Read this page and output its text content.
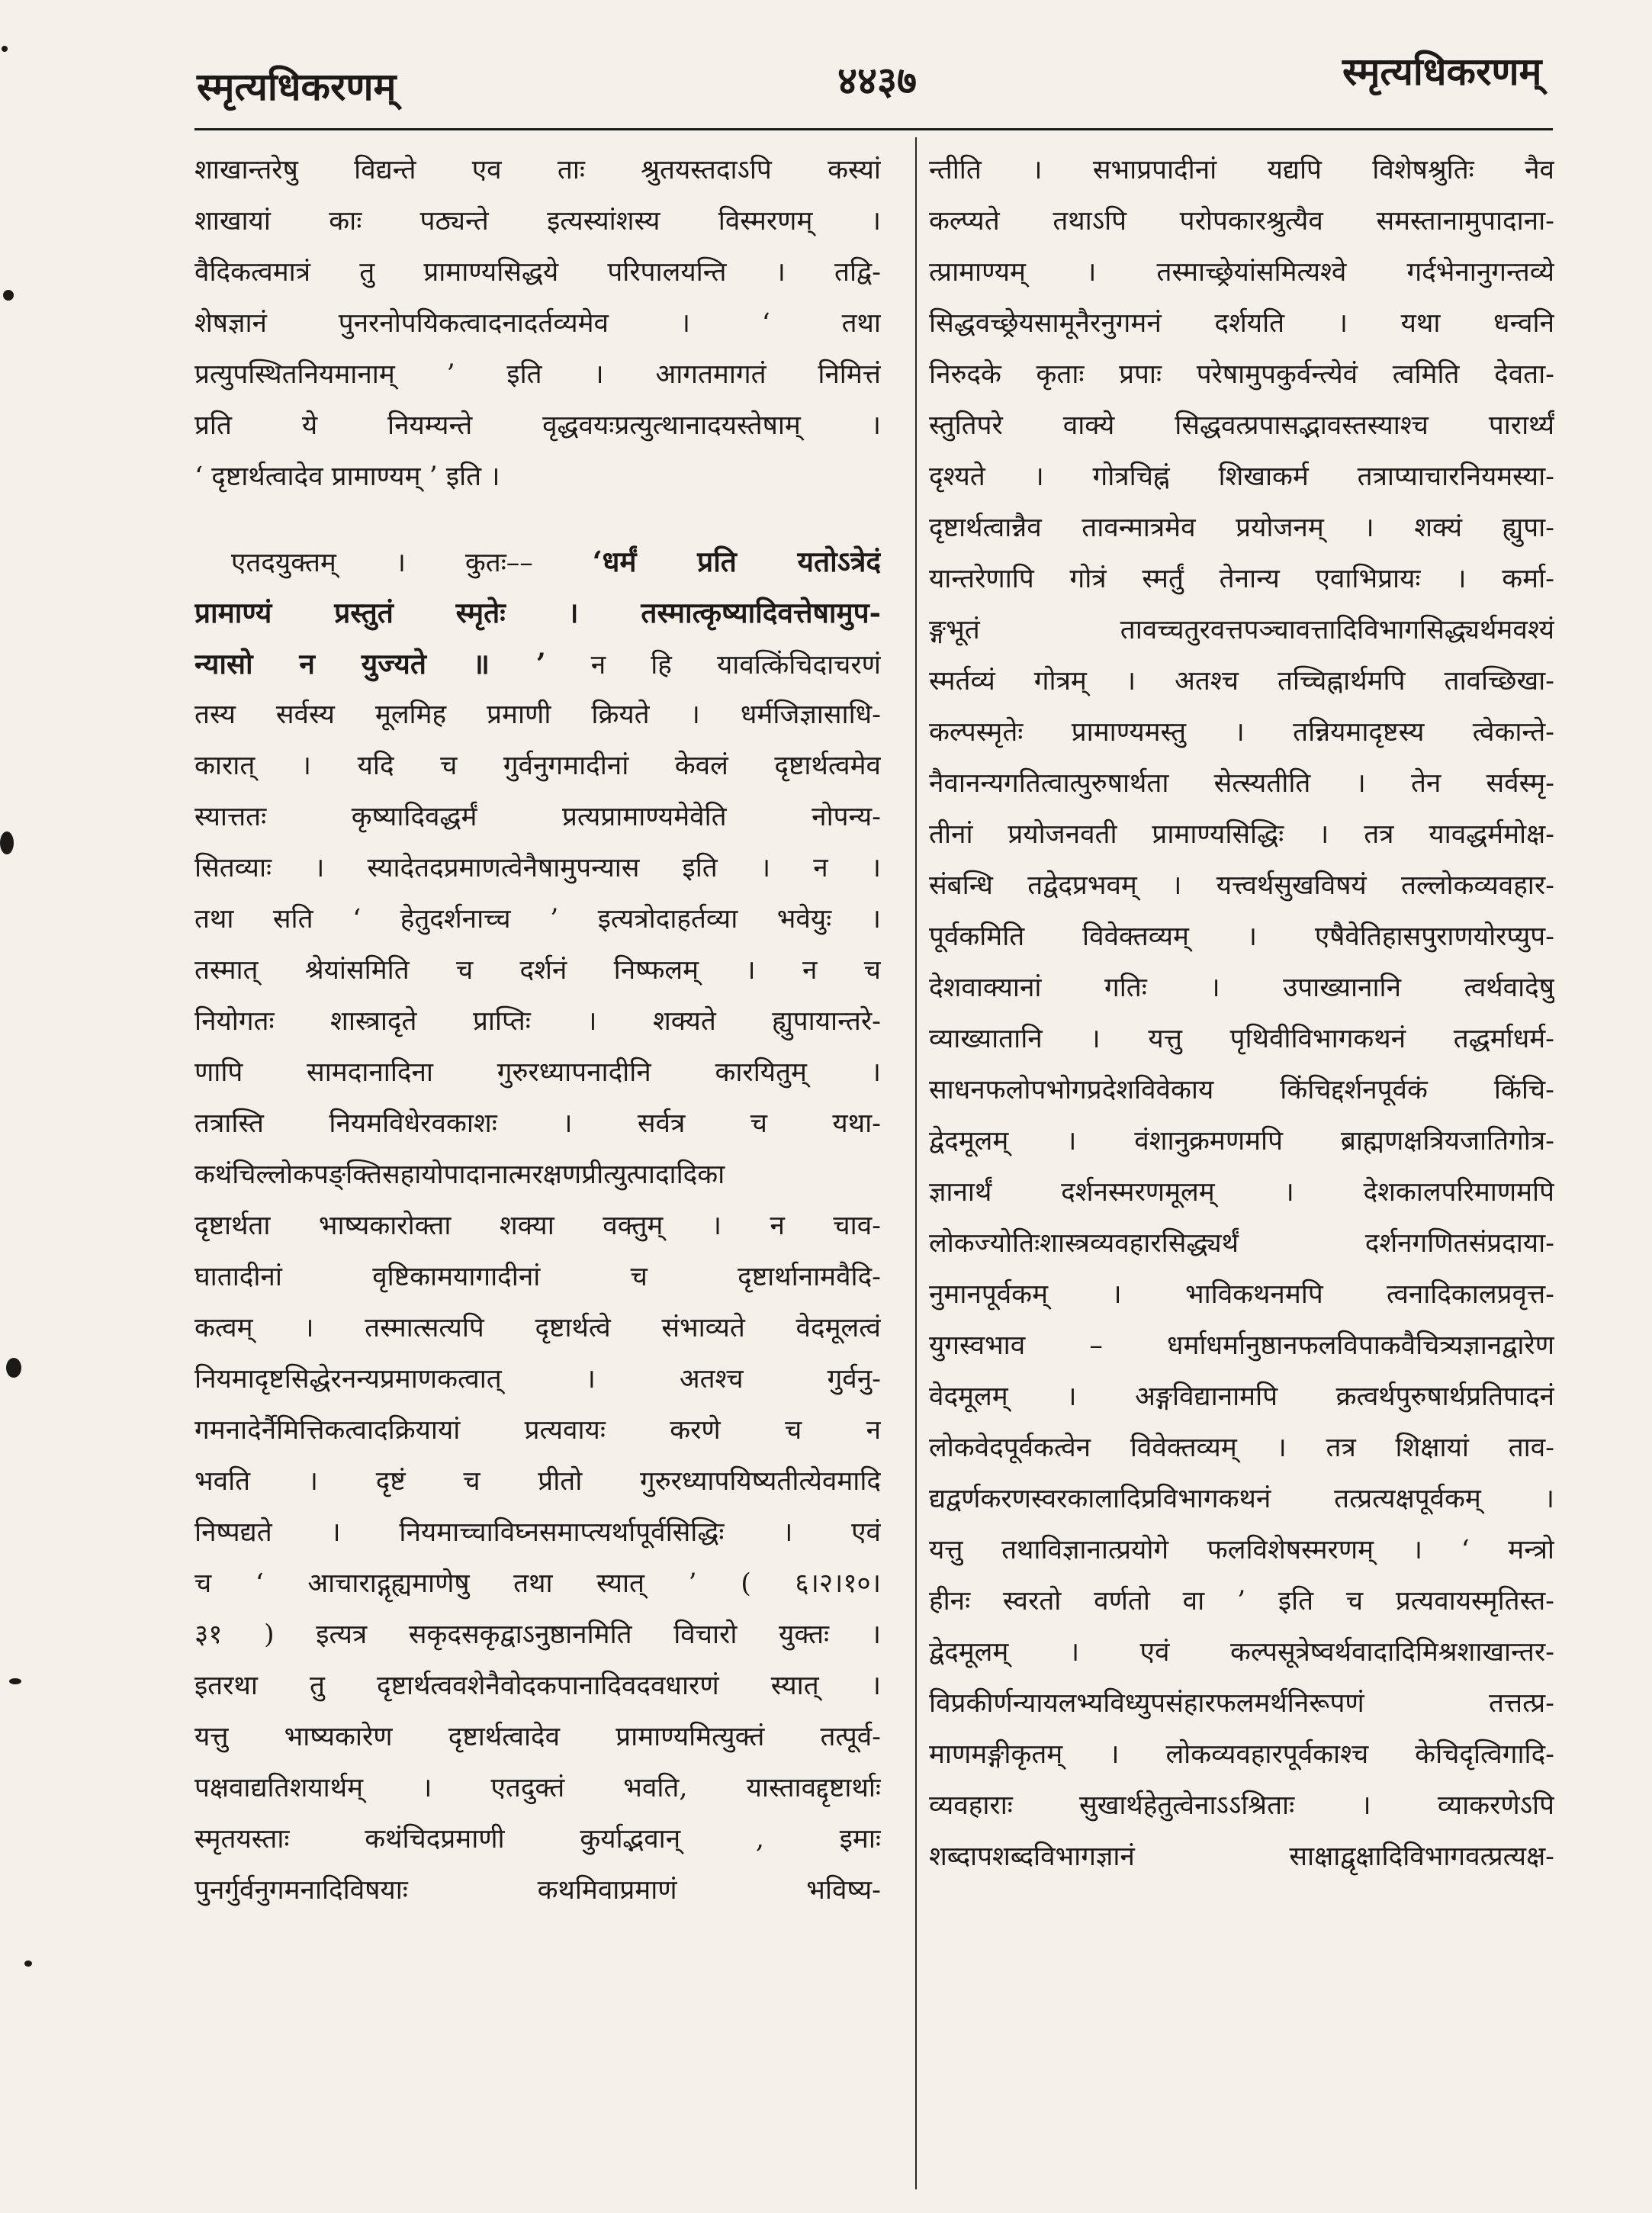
स्मृत्यधिकरणम्	४४३७	स्मृत्यधिकरणम्
शाखान्तरेषु विद्यन्ते एव ताः श्रुतयस्तदाऽपि कस्यां
शाखायां काः पठ्यन्ते इत्यस्यांशस्य विस्मरणम् ।
वैदिकत्वमात्रं तु प्रामाण्यसिद्धये परिपालयन्ति । तद्वि-
शेषज्ञानं पुनरनोपयिकत्वादनादर्तव्यमेव । ‘ तथा
प्रत्युपस्थितनियमानाम् ’ इति । आगतमागतं निमित्तं
प्रति ये नियम्यन्ते वृद्धवयःप्रत्युत्थानादयस्तेषाम् ।
‘ दृष्टार्थत्वादेव प्रामाण्यम् ’ इति ।
एतदयुक्तम् । कुतः–– ‘धर्मं प्रति यतोऽत्रेदं
प्रामाण्यं प्रस्तुतं स्मृतेः । तस्मात्कृष्यादिवत्तेषामुप-
न्यासो न युज्यते ॥ ’ न हि यावत्किंचिदाचरणं
तस्य सर्वस्य मूलमिह प्रमाणी क्रियते । धर्मजिज्ञासाधि-
कारात् । यदि च गुर्वनुगमादीनां केवलं दृष्टार्थत्वमेव
स्यात्ततः कृष्यादिवद्धर्मं प्रत्यप्रामाण्यमेवेति नोपन्य-
सितव्याः । स्यादेतदप्रमाणत्वेनैषामुपन्यास इति । न ।
तथा सति ‘ हेतुदर्शनाच्च ’ इत्यत्रोदाहर्तव्या भवेयुः ।
तस्मात् श्रेयांसमिति च दर्शनं निष्फलम् । न च
नियोगतः शास्त्रादृते प्राप्तिः । शक्यते ह्युपायान्तरे-
णापि सामदानादिना गुरुरध्यापनादीनि कारयितुम् ।
तत्रास्ति नियमविधेरवकाशः । सर्वत्र च यथा-
कथंचिल्लोकपङ्क्तिसहायोपादानात्मरक्षणप्रीत्युत्पादादिका
दृष्टार्थता भाष्यकारोक्ता शक्या वक्तुम् । न चाव-
घातादीनां वृष्टिकामयागादीनां च दृष्टार्थानामवैदि-
कत्वम् । तस्मात्सत्यपि दृष्टार्थत्वे संभाव्यते वेदमूलत्वं
नियमादृष्टसिद्धेरनन्यप्रमाणकत्वात् । अतश्च गुर्वनु-
गमनादेर्नैमित्तिकत्वादक्रियायां प्रत्यवायः करणे च न
भवति । दृष्टं च प्रीतो गुरुरध्यापयिष्यतीत्येवमादि
निष्पद्यते । नियमाच्चाविघ्नसमाप्त्यर्थापूर्वसिद्धिः । एवं
च ‘ आचाराद्गृह्यमाणेषु तथा स्यात् ’ ( ६।२।१०।
३१ ) इत्यत्र सकृदसकृद्वाऽनुष्ठानमिति विचारो युक्तः ।
इतरथा तु दृष्टार्थत्ववशेनैवोदकपानादिवदवधारणं स्यात् ।
यत्तु भाष्यकारेण दृष्टार्थत्वादेव प्रामाण्यमित्युक्तं तत्पूर्व-
पक्षवाद्यतिशयार्थम् । एतदुक्तं भवति, यास्तावद्दृष्टार्थाः
स्मृतयस्ताः कथंचिदप्रमाणी कुर्याद्भवान् , इमाः
पुनर्गुर्वनुगमनादिविषयाः कथमिवाप्रमाणं भविष्य-
न्तीति । सभाप्रपादीनां यद्यपि विशेषश्रुतिः नैव
कल्प्यते तथाऽपि परोपकारश्रुत्यैव समस्तानामुपादाना-
त्प्रामाण्यम् । तस्माच्छ्रेयांसमित्यश्वे गर्दभेनानुगन्तव्ये
सिद्धवच्छ्रेयसामूनैरनुगमनं दर्शयति । यथा धन्वनि
निरुदके कृताः प्रपाः परेषामुपकुर्वन्त्येवं त्वमिति देवता-
स्तुतिपरे वाक्ये सिद्धवत्प्रपासद्भावस्तस्याश्च पारार्थ्यं
दृश्यते । गोत्रचिह्नं शिखाकर्म तत्राप्याचारनियमस्या-
दृष्टार्थत्वान्नैव तावन्मात्रमेव प्रयोजनम् । शक्यं ह्युपा-
यान्तरेणापि गोत्रं स्मर्तुं तेनान्य एवाभिप्रायः । कर्मा-
ङ्गभूतं तावच्चतुरवत्तपञ्चावत्तादिविभागसिद्ध्यर्थमवश्यं
स्मर्तव्यं गोत्रम् । अतश्च तच्चिह्नार्थमपि तावच्छिखा-
कल्पस्मृतेः प्रामाण्यमस्तु । तन्नियमादृष्टस्य त्वेकान्ते-
नैवानन्यगतित्वात्पुरुषार्थता सेत्स्यतीति । तेन सर्वस्मृ-
तीनां प्रयोजनवती प्रामाण्यसिद्धिः । तत्र यावद्धर्ममोक्ष-
संबन्धि तद्वेदप्रभवम् । यत्त्वर्थसुखविषयं तल्लोकव्यवहार-
पूर्वकमिति विवेक्तव्यम् । एषैवेतिहासपुराणयोरप्युप-
देशवाक्यानां गतिः । उपाख्यानानि त्वर्थवादेषु
व्याख्यातानि । यत्तु पृथिवीविभागकथनं तद्धर्माधर्म-
साधनफलोपभोगप्रदेशविवेकाय किंचिद्दर्शनपूर्वकं किंचि-
द्वेदमूलम् । वंशानुक्रमणमपि ब्राह्मणक्षत्रियजातिगोत्र-
ज्ञानार्थं दर्शनस्मरणमूलम् । देशकालपरिमाणमपि
लोकज्योतिःशास्त्रव्यवहारसिद्ध्यर्थं दर्शनगणितसंप्रदाया-
नुमानपूर्वकम् । भाविकथनमपि त्वनादिकालप्रवृत्त-
युगस्वभाव – धर्माधर्मानुष्ठानफलविपाकवैचित्र्यज्ञानद्वारेण
वेदमूलम् । अङ्गविद्यानामपि क्रत्वर्थपुरुषार्थप्रतिपादनं
लोकवेदपूर्वकत्वेन विवेक्तव्यम् । तत्र शिक्षायां ताव-
द्यद्वर्णकरणस्वरकालादिप्रविभागकथनं तत्प्रत्यक्षपूर्वकम् ।
यत्तु तथाविज्ञानात्प्रयोगे फलविशेषस्मरणम् । ‘ मन्त्रो
हीनः स्वरतो वर्णतो वा ’ इति च प्रत्यवायस्मृतिस्त-
द्वेदमूलम् । एवं कल्पसूत्रेष्वर्थवादादिमिश्रशाखान्तर-
विप्रकीर्णन्यायलभ्यविध्युपसंहारफलमर्थनिरूपणं तत्तत्प्र-
माणमङ्गीकृतम् । लोकव्यवहारपूर्वकाश्च केचिदृत्विगादि-
व्यवहाराः सुखार्थहेतुत्वेनाऽऽश्रिताः । व्याकरणेऽपि
शब्दापशब्दविभागज्ञानं साक्षाद्वृक्षादिविभागवत्प्रत्यक्ष-
